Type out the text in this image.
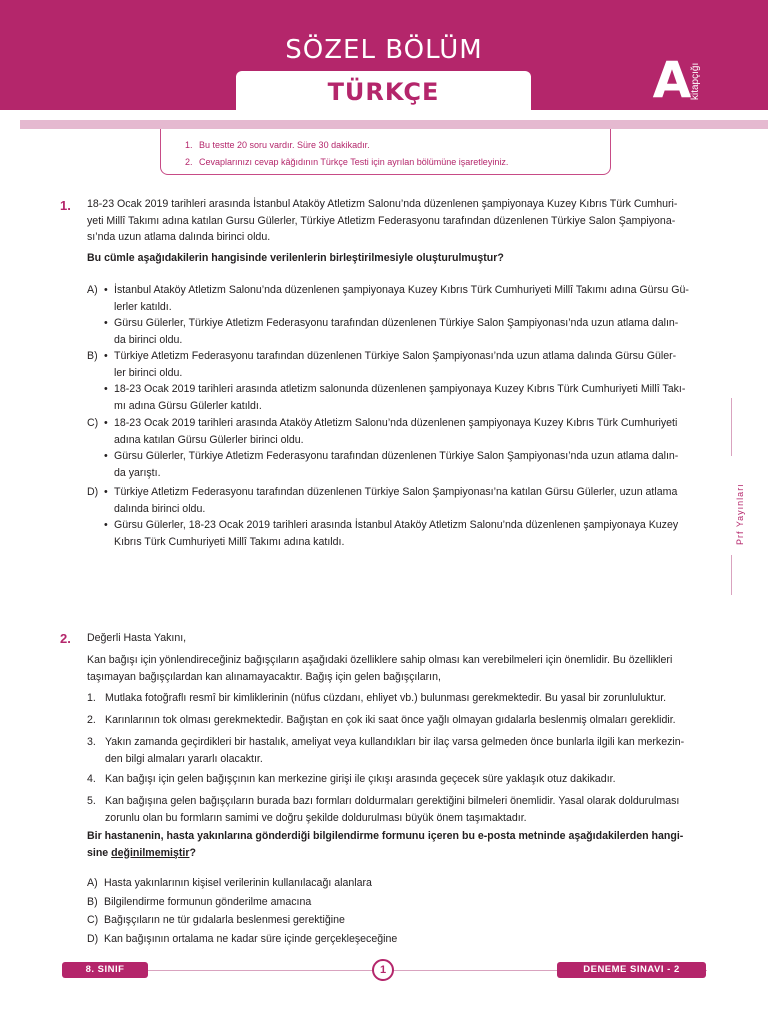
SÖZEL BÖLÜM
TÜRKÇE	A
kitapçığı
1. Bu testte 20 soru vardır. Süre 30 dakikadır.
2. Cevaplarınızı cevap kâğıdının Türkçe Testi için ayrılan bölümüne işaretleyiniz.
1. 18-23 Ocak 2019 tarihleri arasında İstanbul Ataköy Atletizm Salonu’nda düzenlenen şampiyonaya Kuzey Kıbrıs Türk Cumhuri-
yeti Millî Takımı adına katılan Gursu Gülerler, Türkiye Atletizm Federasyonu tarafından düzenlenen Türkiye Salon Şampiyona-
sı’nda uzun atlama dalında birinci oldu.
Bu cümle aşağıdakilerin hangisinde verilenlerin birleştirilmesiyle oluşturulmuştur?
A) • İstanbul Ataköy Atletizm Salonu’nda düzenlenen şampiyonaya Kuzey Kıbrıs Türk Cumhuriyeti Millî Takımı adına Gürsu Gü-
lerler katıldı.
• Gürsu Gülerler, Türkiye Atletizm Federasyonu tarafından düzenlenen Türkiye Salon Şampiyonası’nda uzun atlama dalın-
da birinci oldu.
B) • Türkiye Atletizm Federasyonu tarafından düzenlenen Türkiye Salon Şampiyonası’nda uzun atlama dalında Gürsu Güler-
ler birinci oldu.
• 18-23 Ocak 2019 tarihleri arasında atletizm salonunda düzenlenen şampiyonaya Kuzey Kıbrıs Türk Cumhuriyeti Millî Takı-
mı adına Gürsu Gülerler katıldı.
C) • 18-23 Ocak 2019 tarihleri arasında Ataköy Atletizm Salonu’nda düzenlenen şampiyonaya Kuzey Kıbrıs Türk Cumhuriyeti
adına katılan Gürsu Gülerler birinci oldu.
• Gürsu Gülerler, Türkiye Atletizm Federasyonu tarafından düzenlenen Türkiye Salon Şampiyonası’nda uzun atlama dalın-
da yarıştı.
D) • Türkiye Atletizm Federasyonu tarafından düzenlenen Türkiye Salon Şampiyonası’na katılan Gürsu Gülerler, uzun atlama
dalında birinci oldu.
• Gürsu Gülerler, 18-23 Ocak 2019 tarihleri arasında İstanbul Ataköy Atletizm Salonu’nda düzenlenen şampiyonaya Kuzey
Kıbrıs Türk Cumhuriyeti Millî Takımı adına katıldı.	Prf Yayınları
2. Değerli Hasta Yakını,
Kan bağışı için yönlendireceğiniz bağışçıların aşağıdaki özelliklere sahip olması kan verebilmeleri için önemlidir. Bu özellikleri
taşımayan bağışçılardan kan alınamayacaktır. Bağış için gelen bağışçıların,
1. Mutlaka fotoğraflı resmî bir kimliklerinin (nüfus cüzdanı, ehliyet vb.) bulunması gerekmektedir. Bu yasal bir zorunluluktur.
2. Karınlarının tok olması gerekmektedir. Bağıştan en çok iki saat önce yağlı olmayan gıdalarla beslenmiş olmaları gereklidir.
3. Yakın zamanda geçirdikleri bir hastalık, ameliyat veya kullandıkları bir ilaç varsa gelmeden önce bunlarla ilgili kan merkezin-
den bilgi almaları yararlı olacaktır.
4. Kan bağışı için gelen bağışçının kan merkezine girişi ile çıkışı arasında geçecek süre yaklaşık otuz dakikadır.
5. Kan bağışına gelen bağışçıların burada bazı formları doldurmaları gerektiğini bilmeleri önemlidir. Yasal olarak doldurulması
zorunlu olan bu formların samimi ve doğru şekilde doldurulması büyük önem taşımaktadır.
Bir hastanenin, hasta yakınlarına gönderdiği bilgilendirme formunu içeren bu e-posta metninde aşağıdakilerden hangi-
sine değinilmemiştir?
A) Hasta yakınlarının kişisel verilerinin kullanılacağı alanlara
B) Bilgilendirme formunun gönderilme amacına
C) Bağışçıların ne tür gıdalarla beslenmesi gerektiğine
D) Kan bağışının ortalama ne kadar süre içinde gerçekleşeceğine
8. SINIF	1	DENEME SINAVI - 2
